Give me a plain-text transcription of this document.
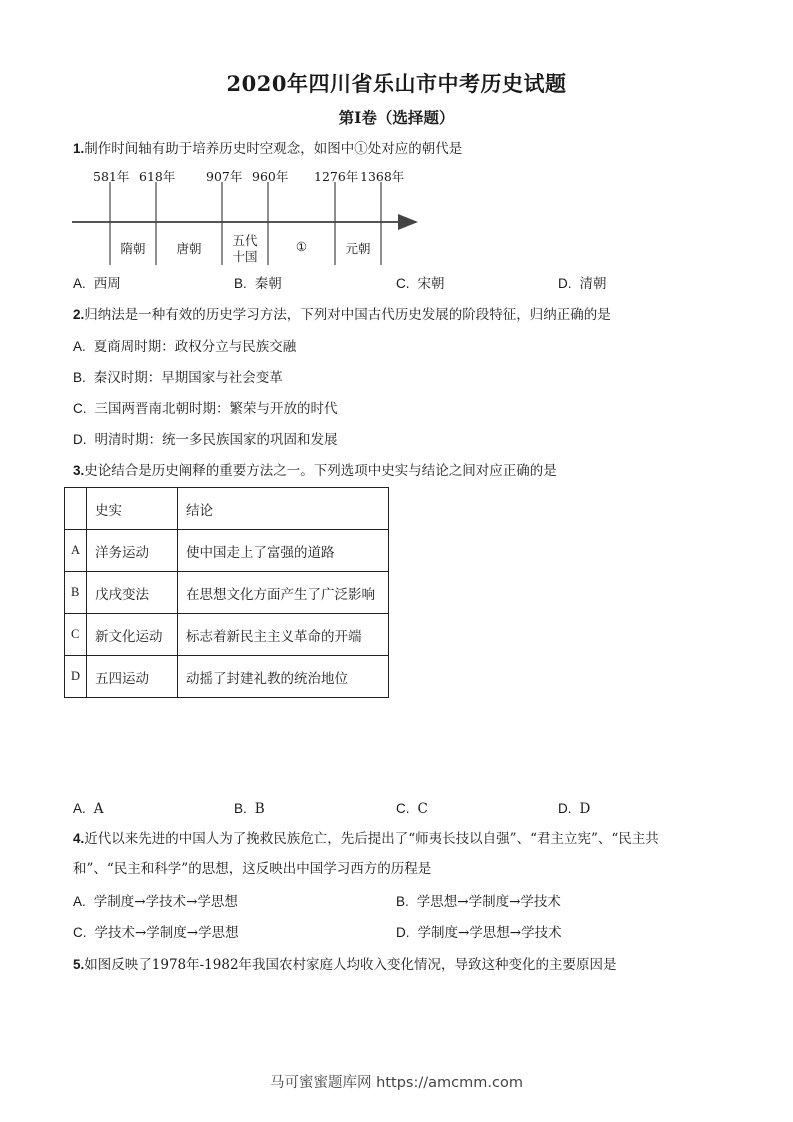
2020年四川省乐山市中考历史试题
第Ⅰ卷（选择题）
1.制作时间轴有助于培养历史时空观念，如图中①处对应的朝代是
581年 618年 907年 960年 1276年 1368年
隋朝	唐朝
五代
十国
①	元朝
A. 西周	B. 秦朝	C. 宋朝	D. 清朝
2.归纳法是一种有效的历史学习方法，下列对中国古代历史发展的阶段特征，归纳正确的是
A. 夏商周时期：政权分立与民族交融
B. 秦汉时期：早期国家与社会变革
C. 三国两晋南北朝时期：繁荣与开放的时代
D. 明清时期：统一多民族国家的巩固和发展
3.史论结合是历史阐释的重要方法之一。下列选项中史实与结论之间对应正确的是
	史实	结论
A	洋务运动	使中国走上了富强的道路
B	戊戌变法	在思想文化方面产生了广泛影响
C	新文化运动	标志着新民主主义革命的开端
D	五四运动	动摇了封建礼教的统治地位
A. A	B. B	C. C	D. D
4.近代以来先进的中国人为了挽救民族危亡，先后提出了“师夷长技以自强”、“君主立宪”、“民主共
和”、“民主和科学”的思想，这反映出中国学习西方的历程是
A. 学制度→学技术→学思想	B. 学思想→学制度→学技术
C. 学技术→学制度→学思想	D. 学制度→学思想→学技术
5.如图反映了1978年-1982年我国农村家庭人均收入变化情况，导致这种变化的主要原因是
马可蜜蜜题库网 https://amcmm.com
